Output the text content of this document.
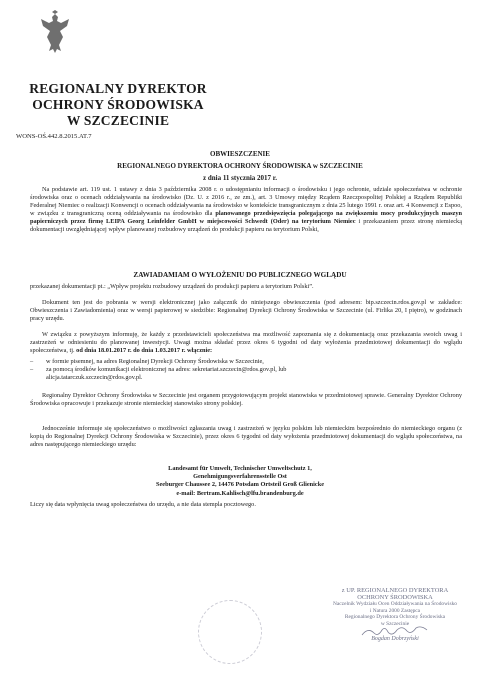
REGIONALNY DYREKTOR
OCHRONY ŚRODOWISKA
W SZCZECINIE
WONS-OŚ.442.8.2015.AT.7
OBWIESZCZENIE
REGIONALNEGO DYREKTORA OCHRONY ŚRODOWISKA w SZCZECINIE
z dnia 11 stycznia 2017 r.
Na podstawie art. 119 ust. 1 ustawy z dnia 3 października 2008 r. o udostępnianiu informacji o środowisku i jego ochronie, udziale społeczeństwa w ochronie środowiska oraz o ocenach oddziaływania na środowisko (Dz. U. z 2016 r., ze zm.), art. 3 Umowy między Rządem Rzeczpospolitej Polskiej a Rządem Republiki Federalnej Niemiec o realizacji Konwencji o ocenach oddziaływania na środowisko w kontekście transgranicznym z dnia 25 lutego 1991 r. oraz art. 4 Konwencji z Espoo, w związku z transgraniczną oceną oddziaływania na środowisko dla planowanego przedsięwzięcia polegającego na zwiększeniu mocy produkcyjnych maszyn papierniczych przez firmę LEIPA Georg Leinfelder GmbH w miejscowości Schwedt (Oder) na terytorium Niemiec i przekazaniem przez stronę niemiecką dokumentacji uwzględniającej wpływ planowanej rozbudowy urządzeń do produkcji papieru na terytorium Polski,
ZAWIADAMIAM O WYŁOŻENIU DO PUBLICZNEGO WGLĄDU
przekazanej dokumentacji pt.: „Wpływ projektu rozbudowy urządzeń do produkcji papieru a terytorium Polski”.
Dokument ten jest do pobrania w wersji elektronicznej jako załącznik do niniejszego obwieszczenia (pod adresem: bip.szczecin.rdos.gov.pl w zakładce: Obwieszczenia i Zawiadomienia) oraz w wersji papierowej w siedzibie: Regionalnej Dyrekcji Ochrony Środowiska w Szczecinie (ul. Firlika 20, I piętro), w godzinach pracy urzędu.
W związku z powyższym informuję, że każdy z przedstawicieli społeczeństwa ma możliwość zapoznania się z dokumentacją oraz przekazania swoich uwag i zastrzeżeń w odniesieniu do planowanej inwestycji. Uwagi można składać przez okres 6 tygodni od daty wyłożenia przedmiotowej dokumentacji do wglądu społeczeństwa, tj. od dnia 18.01.2017 r. do dnia 1.03.2017 r. włącznie:
–	w formie pisemnej, na adres Regionalnej Dyrekcji Ochrony Środowiska w Szczecinie,
–	za pomocą środków komunikacji elektronicznej na adres: sekretariat.szczecin@rdos.gov.pl, lub alicja.tatarczuk.szczecin@rdos.gov.pl.
Regionalny Dyrektor Ochrony Środowiska w Szczecinie jest organem przygotowującym projekt stanowiska w przedmiotowej sprawie. Generalny Dyrektor Ochrony Środowiska opracowuje i przekazuje stronie niemieckiej stanowisko strony polskiej.
Jednocześnie informuje się społeczeństwo o możliwości zgłaszania uwag i zastrzeżeń w języku polskim lub niemieckim bezpośrednio do niemieckiego organu (z kopią do Regionalnej Dyrekcji Ochrony Środowiska w Szczecinie), przez okres 6 tygodni od daty wyłożenia przedmiotowej dokumentacji do wglądu społeczeństwa, na adres następującego niemieckiego urzędu:
Landesamt für Umwelt, Technischer Umweltschutz 1,
Genehmigungsverfahrensstelle Ost
Seeburger Chaussee 2, 14476 Potsdam Ortsteil Groß Glienicke
e-mail: Bertram.Kahlisch@lfu.brandenburg.de
Liczy się data wpłynięcia uwag społeczeństwa do urzędu, a nie data stempla pocztowego.
z UP. REGIONALNEGO DYREKTORA
OCHRONY ŚRODOWISKA
Naczelnik Wydziału Ocen Oddziaływania na Środowisko
i Natura 2000 Zastępca
Regionalnego Dyrektora Ochrony Środowiska
w Szczecinie
Bogdan Dobrzyński
